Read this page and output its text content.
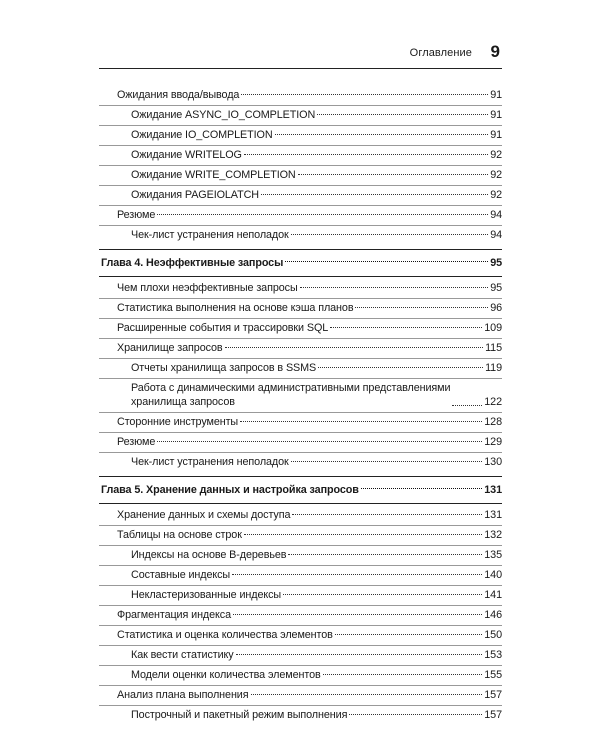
Оглавление 9
Ожидания ввода/вывода	91
Ожидание ASYNC_IO_COMPLETION	91
Ожидание IO_COMPLETION	91
Ожидание WRITELOG	92
Ожидание WRITE_COMPLETION	92
Ожидания PAGEIOLATCH	92
Резюме	94
Чек-лист устранения неполадок	94
Глава 4. Неэффективные запросы	95
Чем плохи неэффективные запросы	95
Статистика выполнения на основе кэша планов	96
Расширенные события и трассировки SQL	109
Хранилище запросов	115
Отчеты хранилища запросов в SSMS	119
Работа с динамическими административными представлениями
хранилища запросов	122
Сторонние инструменты	128
Резюме	129
Чек-лист устранения неполадок	130
Глава 5. Хранение данных и настройка запросов	131
Хранение данных и схемы доступа	131
Таблицы на основе строк	132
Индексы на основе B-деревьев	135
Составные индексы	140
Некластеризованные индексы	141
Фрагментация индекса	146
Статистика и оценка количества элементов	150
Как вести статистику	153
Модели оценки количества элементов	155
Анализ плана выполнения	157
Построчный и пакетный режим выполнения	157
